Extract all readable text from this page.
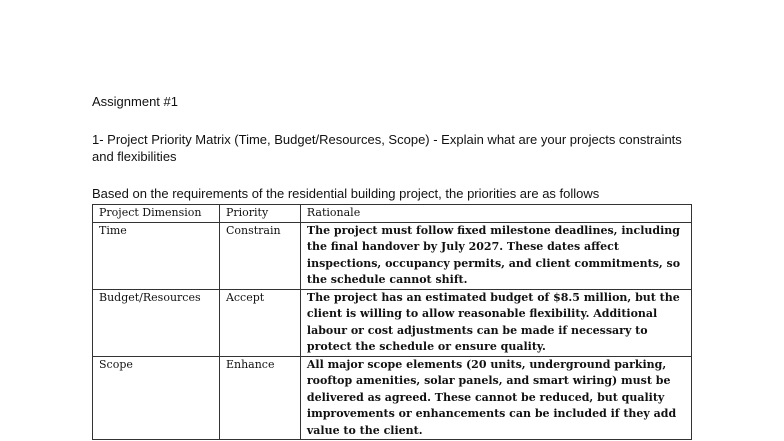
Assignment #1
1- Project Priority Matrix (Time, Budget/Resources, Scope) - Explain what are your projects constraints and flexibilities
Based on the requirements of the residential building project, the priorities are as follows
Project Dimension	Priority	Rationale
Time	Constrain	The project must follow fixed milestone deadlines, including the final handover by July 2027. These dates affect inspections, occupancy permits, and client commitments, so the schedule cannot shift.
Budget/Resources	Accept	The project has an estimated budget of $8.5 million, but the client is willing to allow reasonable flexibility. Additional labour or cost adjustments can be made if necessary to protect the schedule or ensure quality.
Scope	Enhance	All major scope elements (20 units, underground parking, rooftop amenities, solar panels, and smart wiring) must be delivered as agreed. These cannot be reduced, but quality improvements or enhancements can be included if they add value to the client.
